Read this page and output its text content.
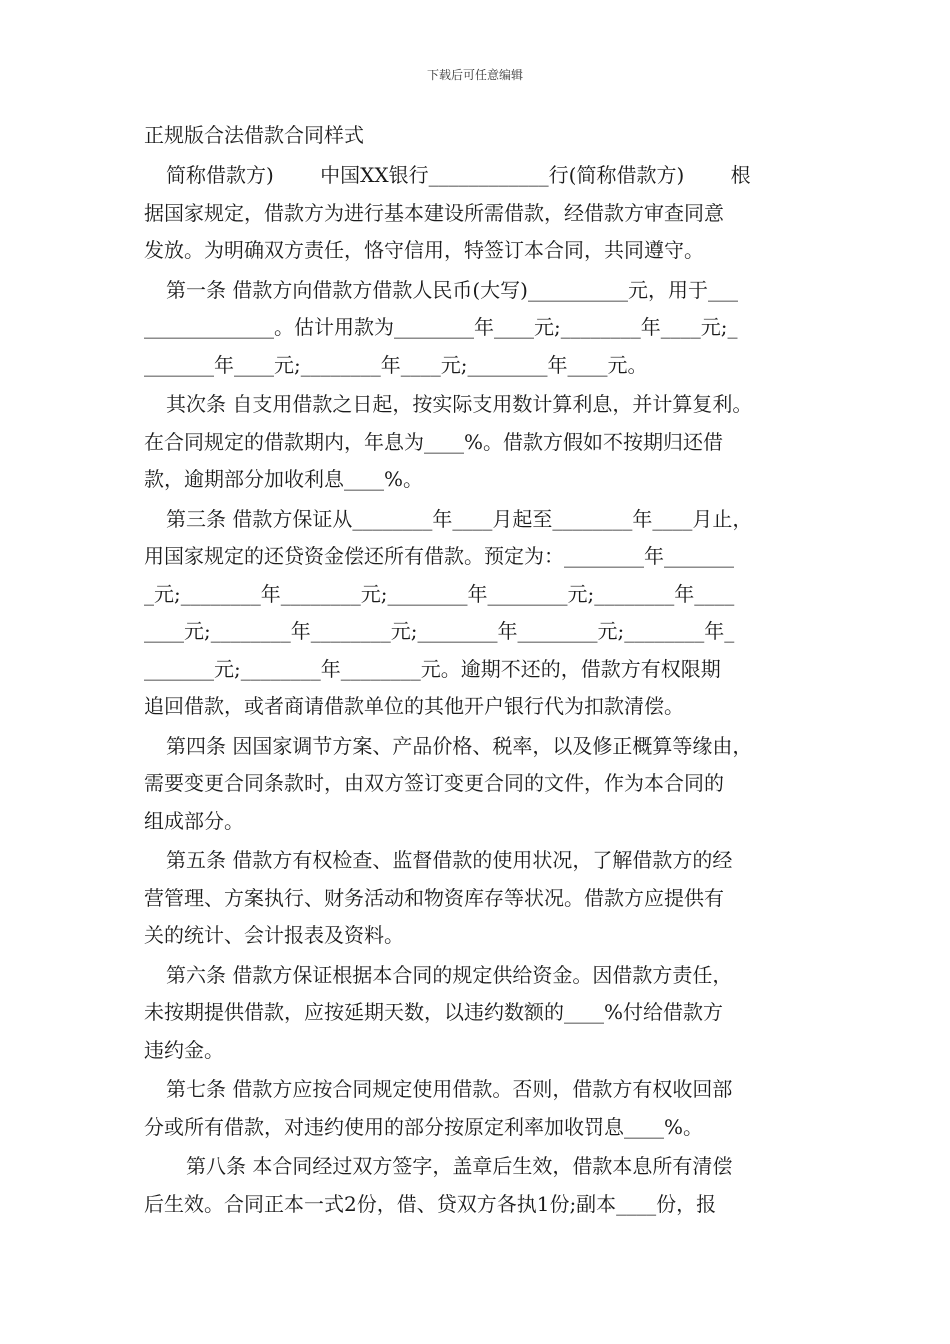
下载后可任意编辑
正规版合法借款合同样式
简称借款方)　　 中国XX银行____________行(简称借款方)　　 根
据国家规定，借款方为进行基本建设所需借款，经借款方审查同意
发放。为明确双方责任，恪守信用，特签订本合同，共同遵守。
第一条 借款方向借款方借款人民币(大写)__________元，用于___
_____________。估计用款为________年____元;________年____元;_
_______年____元;________年____元;________年____元。
其次条 自支用借款之日起，按实际支用数计算利息，并计算复利。
在合同规定的借款期内，年息为____%。借款方假如不按期归还借
款，逾期部分加收利息____%。
第三条 借款方保证从________年____月起至________年____月止，
用国家规定的还贷资金偿还所有借款。预定为：________年_______
_元;________年________元;________年________元;________年____
____元;________年________元;________年________元;________年_
_______元;________年________元。逾期不还的，借款方有权限期
追回借款，或者商请借款单位的其他开户银行代为扣款清偿。
第四条 因国家调节方案、产品价格、税率，以及修正概算等缘由，
需要变更合同条款时，由双方签订变更合同的文件，作为本合同的
组成部分。
第五条 借款方有权检查、监督借款的使用状况，了解借款方的经
营管理、方案执行、财务活动和物资库存等状况。借款方应提供有
关的统计、会计报表及资料。
第六条 借款方保证根据本合同的规定供给资金。因借款方责任，
未按期提供借款，应按延期天数，以违约数额的____%付给借款方
违约金。
第七条 借款方应按合同规定使用借款。否则，借款方有权收回部
分或所有借款，对违约使用的部分按原定利率加收罚息____%。
第八条 本合同经过双方签字，盖章后生效，借款本息所有清偿
后生效。合同正本一式2份，借、贷双方各执1份;副本____份，报
